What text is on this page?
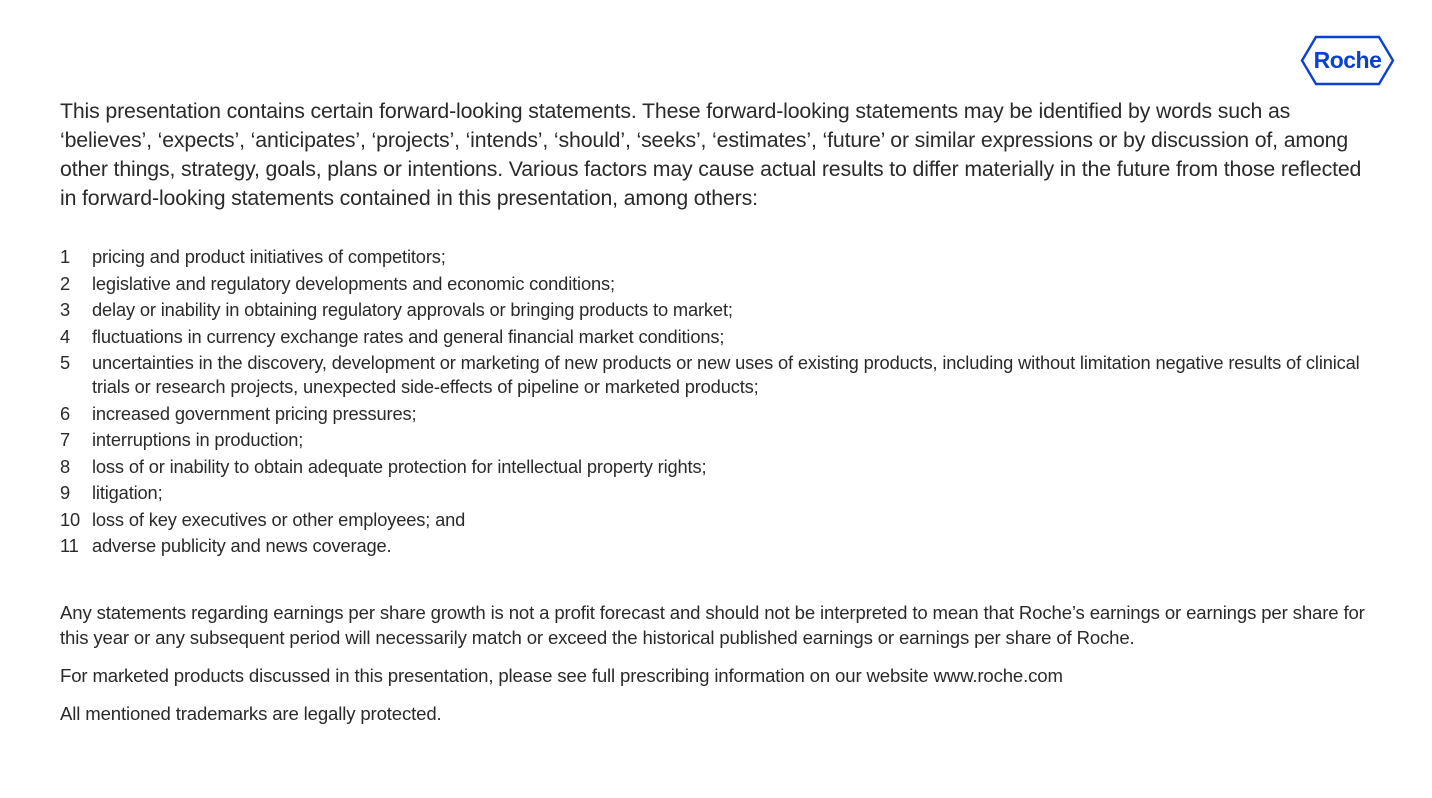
Roche

This presentation contains certain forward-looking statements. These forward-looking statements may be identified by words such as ‘believes’, ‘expects’, ‘anticipates’, ‘projects’, ‘intends’, ‘should’, ‘seeks’, ‘estimates’, ‘future’ or similar expressions or by discussion of, among other things, strategy, goals, plans or intentions. Various factors may cause actual results to differ materially in the future from those reflected in forward-looking statements contained in this presentation, among others:

1	pricing and product initiatives of competitors;
2	legislative and regulatory developments and economic conditions;
3	delay or inability in obtaining regulatory approvals or bringing products to market;
4	fluctuations in currency exchange rates and general financial market conditions;
5	uncertainties in the discovery, development or marketing of new products or new uses of existing products, including without limitation negative results of clinical trials or research projects, unexpected side-effects of pipeline or marketed products;
6	increased government pricing pressures;
7	interruptions in production;
8	loss of or inability to obtain adequate protection for intellectual property rights;
9	litigation;
10 loss of key executives or other employees; and
11 adverse publicity and news coverage.

Any statements regarding earnings per share growth is not a profit forecast and should not be interpreted to mean that Roche’s earnings or earnings per share for this year or any subsequent period will necessarily match or exceed the historical published earnings or earnings per share of Roche.

For marketed products discussed in this presentation, please see full prescribing information on our website www.roche.com

All mentioned trademarks are legally protected.
